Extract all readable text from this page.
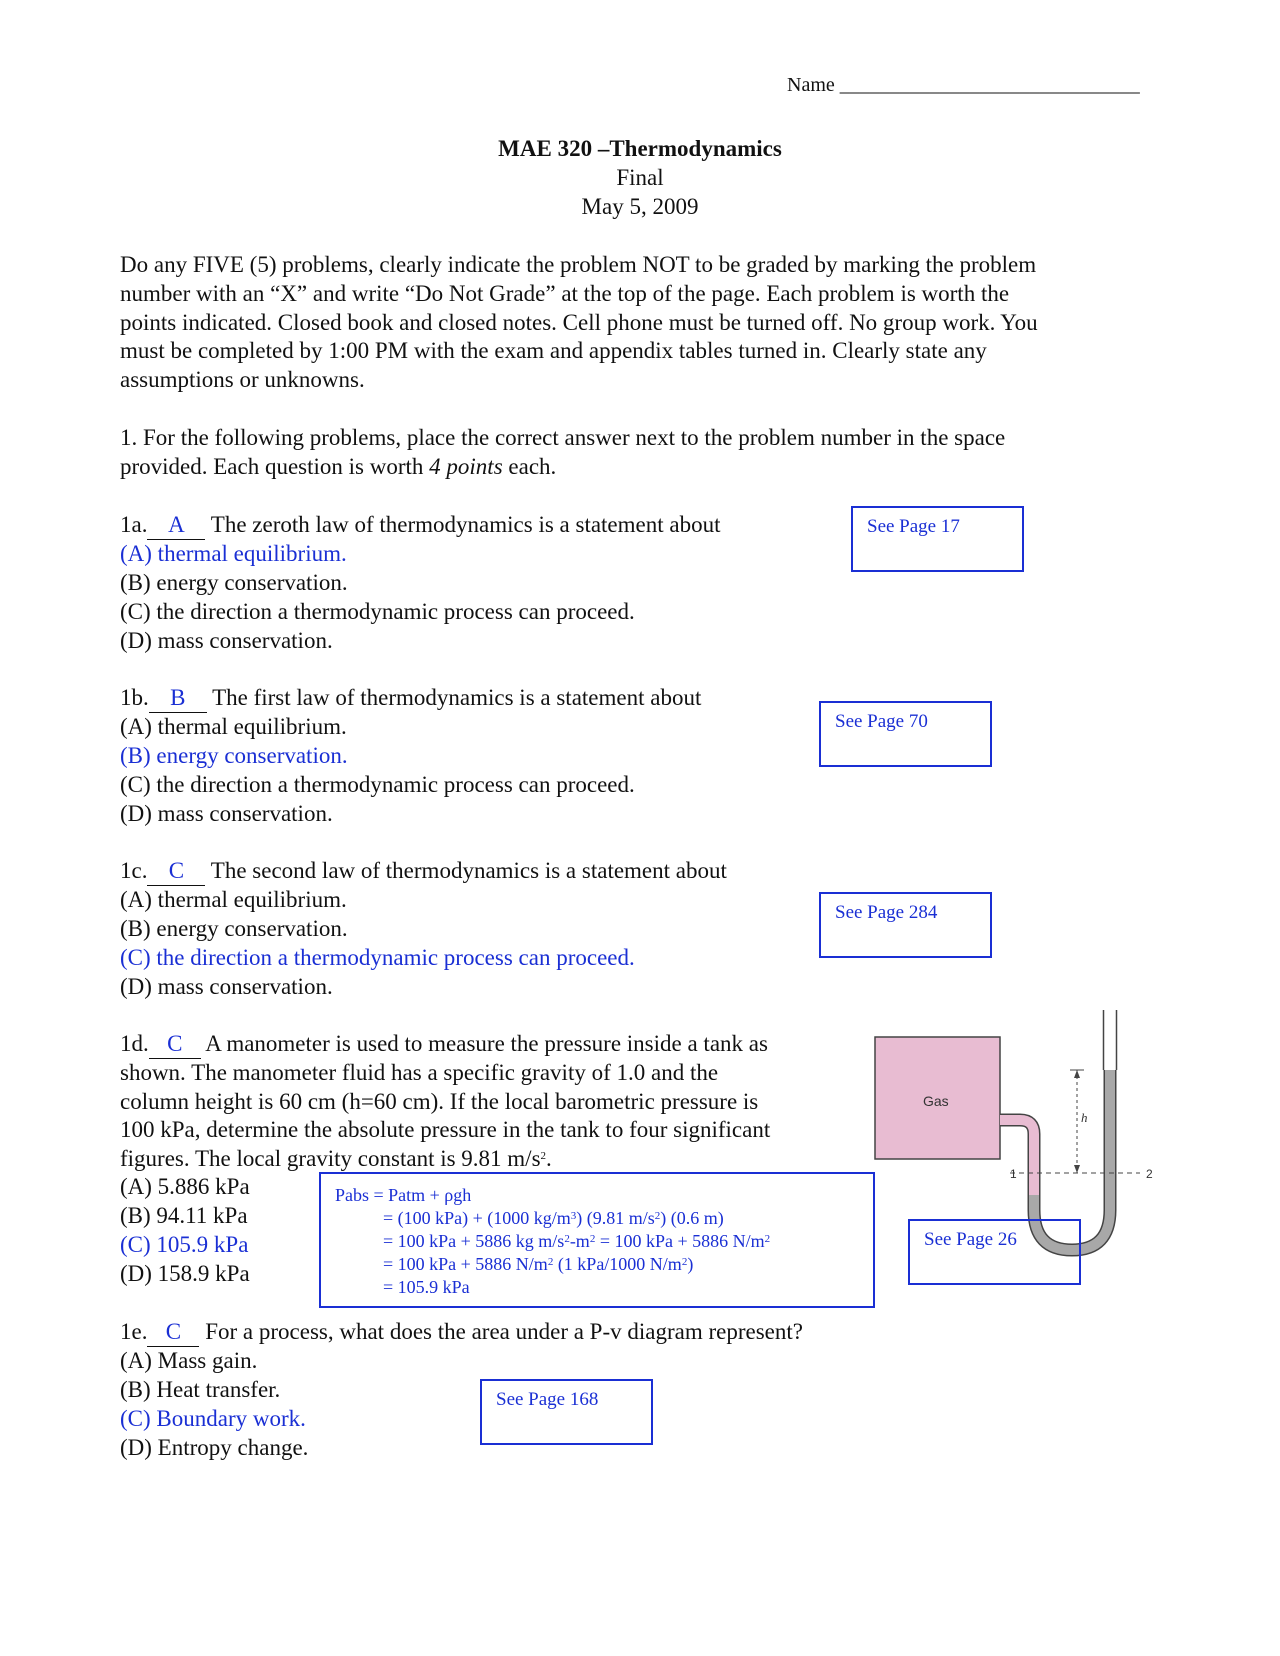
Name ______________________________
MAE 320 –Thermodynamics
Final
May 5, 2009
Do any FIVE (5) problems, clearly indicate the problem NOT to be graded by marking the problem
number with an “X” and write “Do Not Grade” at the top of the page. Each problem is worth the
points indicated. Closed book and closed notes. Cell phone must be turned off. No group work. You
must be completed by 1:00 PM with the exam and appendix tables turned in. Clearly state any
assumptions or unknowns.
1. For the following problems, place the correct answer next to the problem number in the space
provided. Each question is worth 4 points each.
1a. A The zeroth law of thermodynamics is a statement about
(A) thermal equilibrium.
(B) energy conservation.
(C) the direction a thermodynamic process can proceed.
(D) mass conservation.
See Page 17
1b. B The first law of thermodynamics is a statement about
(A) thermal equilibrium.
(B) energy conservation.
(C) the direction a thermodynamic process can proceed.
(D) mass conservation.
See Page 70
1c. C The second law of thermodynamics is a statement about
(A) thermal equilibrium.
(B) energy conservation.
(C) the direction a thermodynamic process can proceed.
(D) mass conservation.
See Page 284
1d. C A manometer is used to measure the pressure inside a tank as
shown. The manometer fluid has a specific gravity of 1.0 and the
column height is 60 cm (h=60 cm). If the local barometric pressure is
100 kPa, determine the absolute pressure in the tank to four significant
figures. The local gravity constant is 9.81 $m/s^2$.
(A) 5.886 kPa
(B) 94.11 kPa
(C) 105.9 kPa
(D) 158.9 kPa
Pabs = Patm + ρgh
= (100 kPa) + (1000 $kg/m^3$) (9.81 $m/s^2$) (0.6 m)
= 100 kPa + 5886 kg $m/s^2-m^2 = 100$ kPa + 5886 $N/m^2$
= 100 kPa + 5886 $N/m^2$ (1 kPa/1000 $N/m^2$)
= 105.9 kPa
Gas
h
1	2
See Page 26
1e. C For a process, what does the area under a P-v diagram represent?
(A) Mass gain.
(B) Heat transfer.
(C) Boundary work.
(D) Entropy change.
See Page 168
